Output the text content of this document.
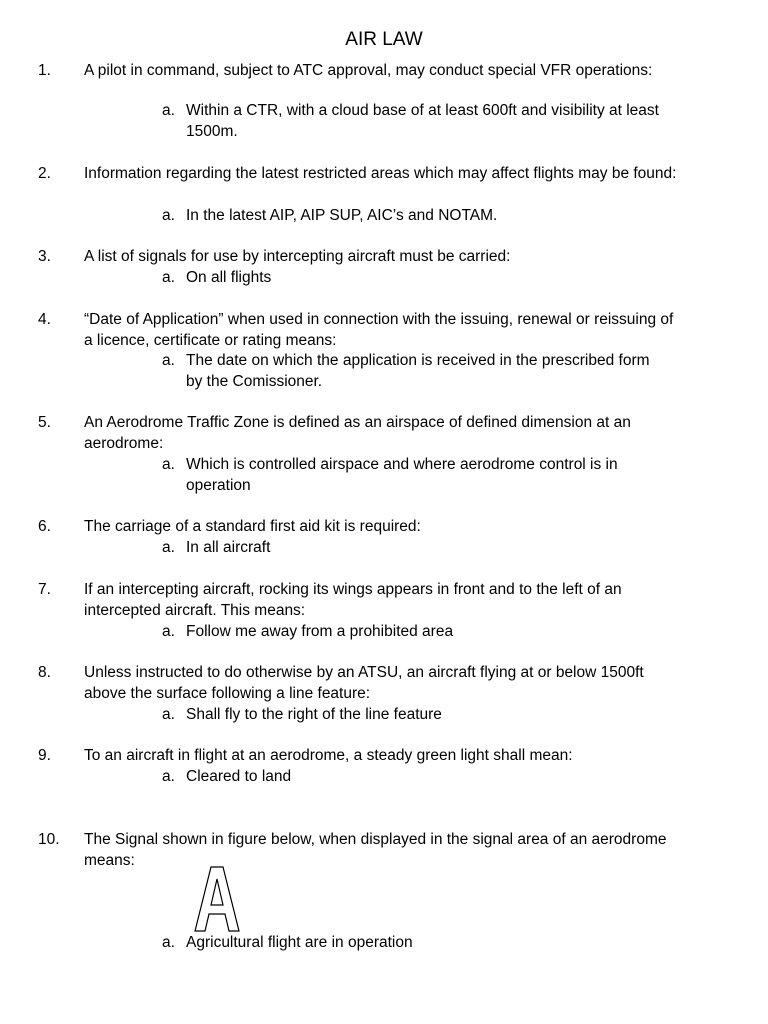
AIR LAW
1. A pilot in command, subject to ATC approval, may conduct special VFR operations:
a. Within a CTR, with a cloud base of at least 600ft and visibility at least 1500m.
2. Information regarding the latest restricted areas which may affect flights may be found:
a. In the latest AIP, AIP SUP, AIC’s and NOTAM.
3. A list of signals for use by intercepting aircraft must be carried:
a. On all flights
4. “Date of Application” when used in connection with the issuing, renewal or reissuing of a licence, certificate or rating means:
a. The date on which the application is received in the prescribed form by the Comissioner.
5. An Aerodrome Traffic Zone is defined as an airspace of defined dimension at an aerodrome:
a. Which is controlled airspace and where aerodrome control is in operation
6. The carriage of a standard first aid kit is required:
a. In all aircraft
7. If an intercepting aircraft, rocking its wings appears in front and to the left of an intercepted aircraft. This means:
a. Follow me away from a prohibited area
8. Unless instructed to do otherwise by an ATSU, an aircraft flying at or below 1500ft above the surface following a line feature:
a. Shall fly to the right of the line feature
9. To an aircraft in flight at an aerodrome, a steady green light shall mean:
a. Cleared to land
10. The Signal shown in figure below, when displayed in the signal area of an aerodrome means:
a. Agricultural flight are in operation
